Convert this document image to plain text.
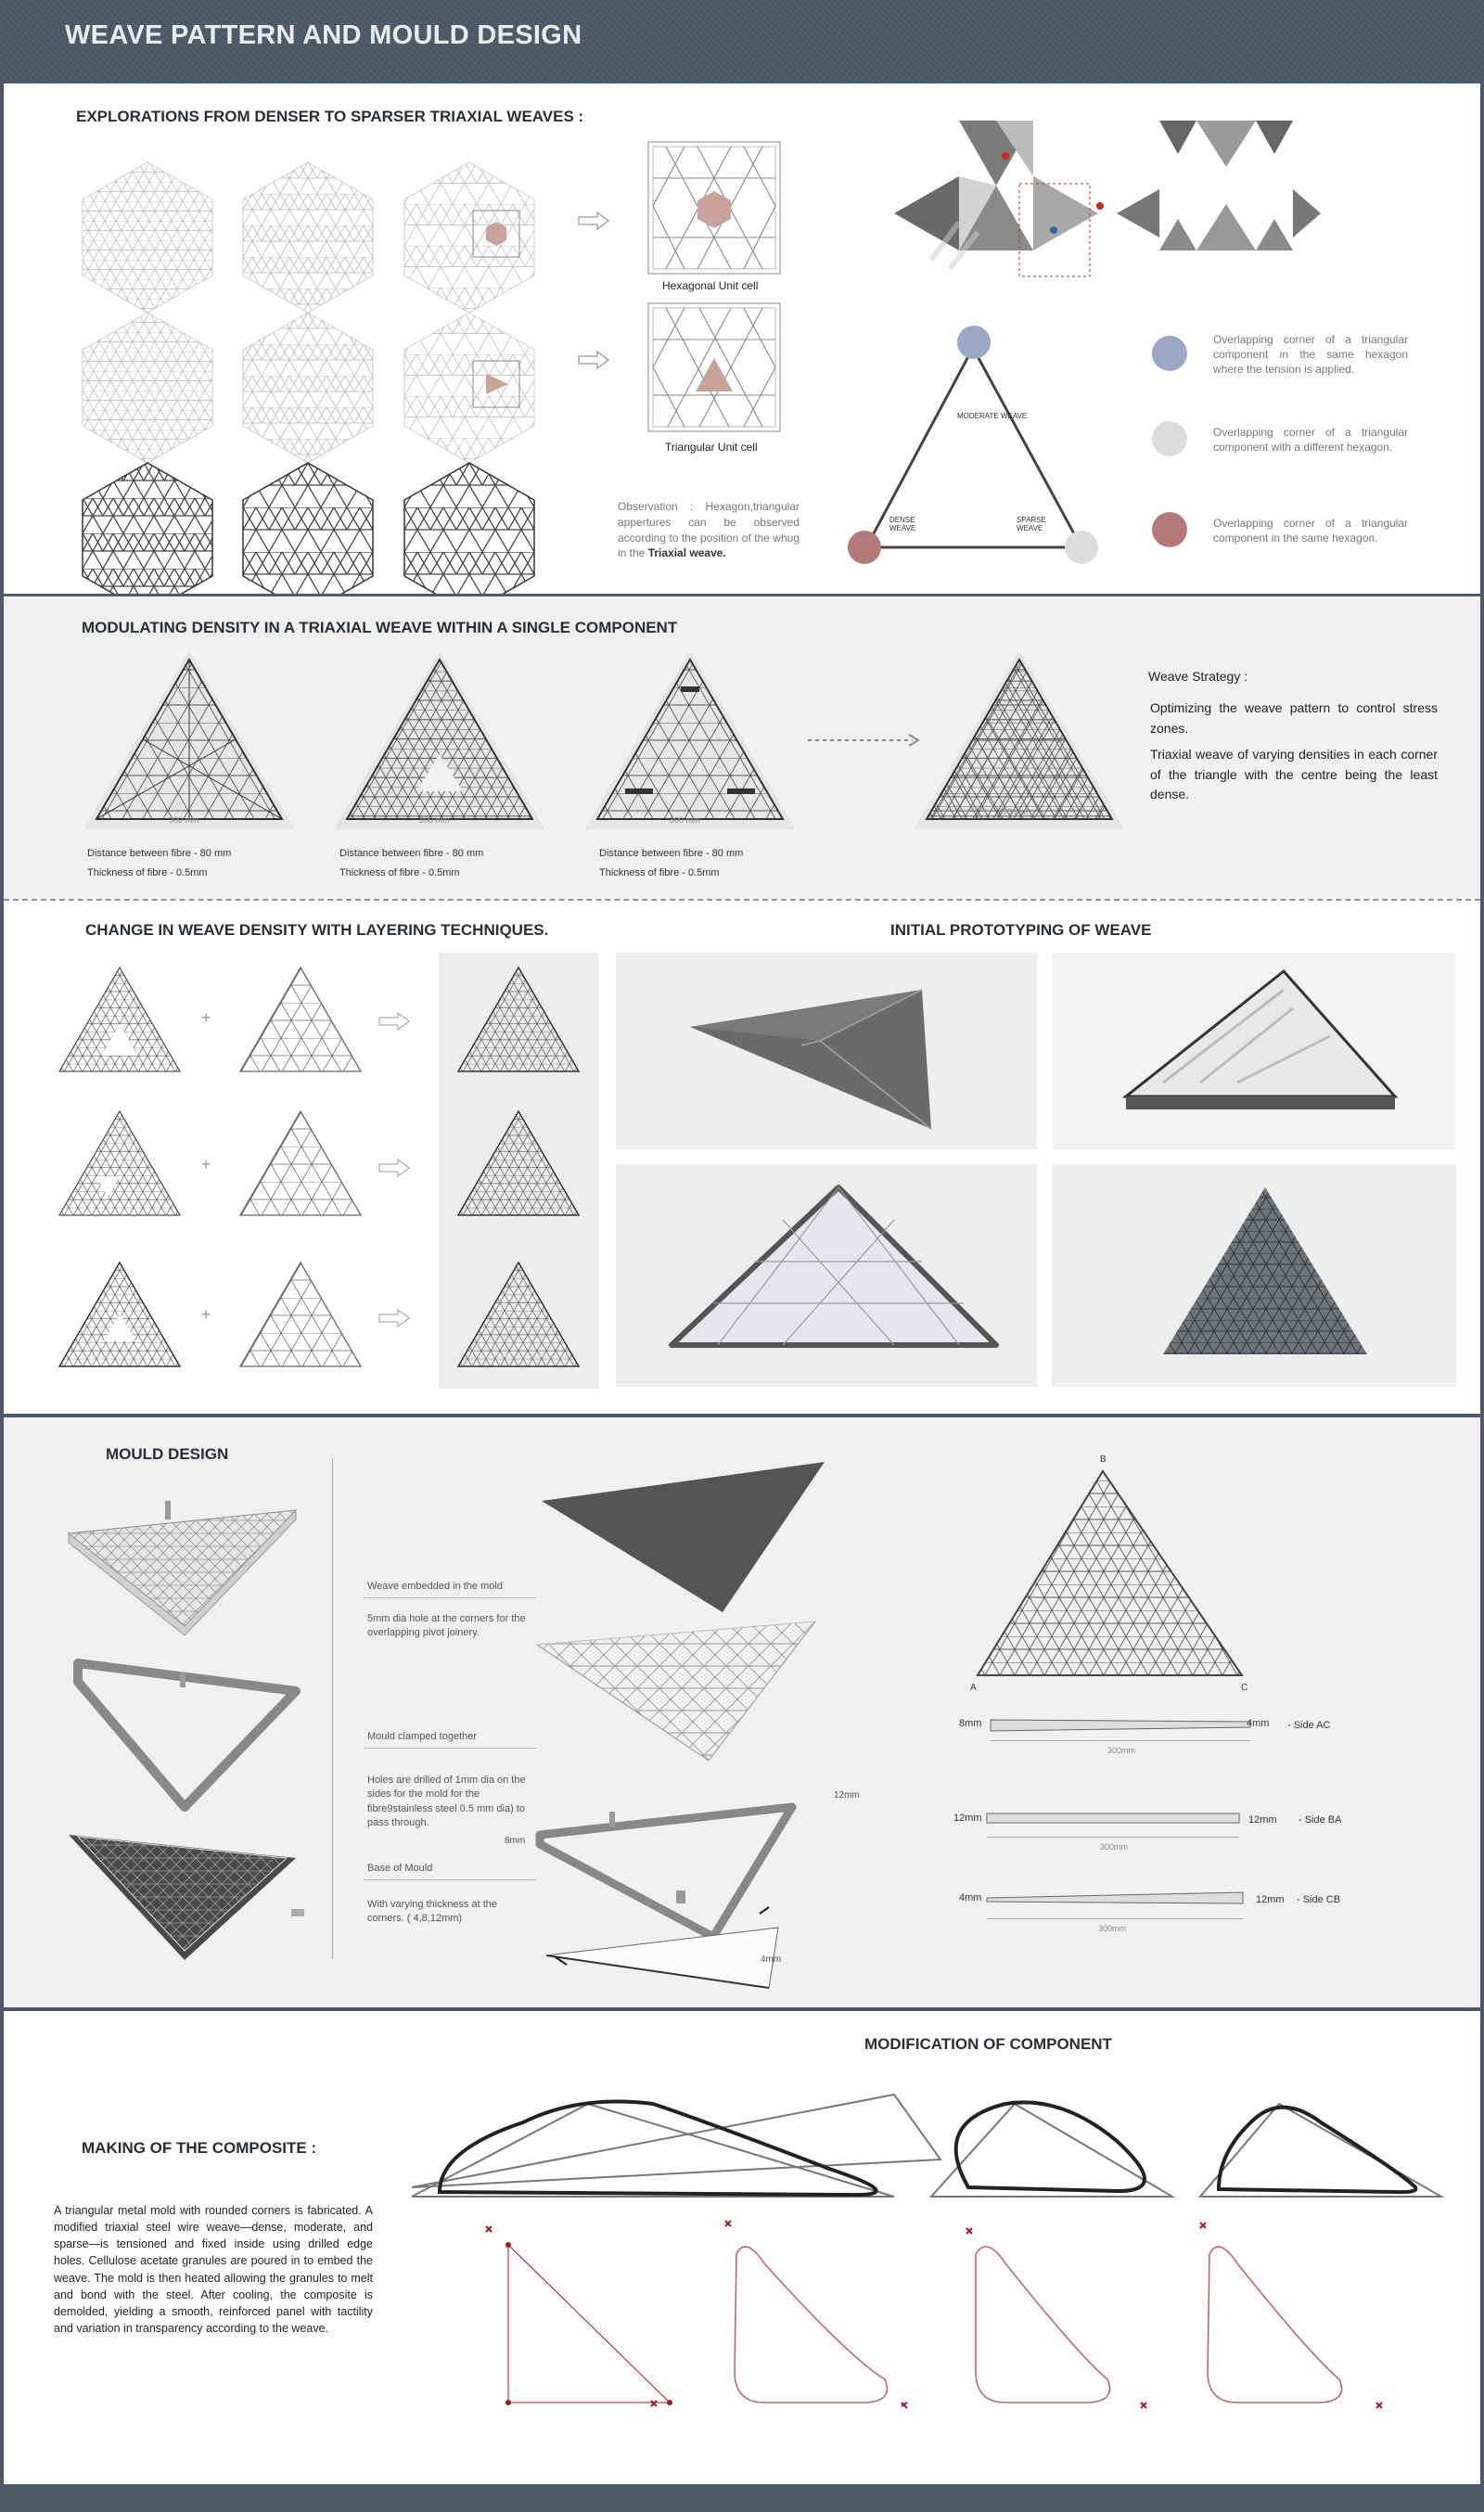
WEAVE PATTERN AND MOULD DESIGN
EXPLORATIONS FROM DENSER TO SPARSER TRIAXIAL WEAVES :
Hexagonal Unit cell
Triangular Unit cell
Observation : Hexagon,triangular appertures can be observed according to the position of the whug in the Triaxial weave.
MODERATE WEAVE
DENSE WEAVE
SPARSE WEAVE
Overlapping corner of a triangular component in the same hexagon where the tension is applied.
Overlapping corner of a triangular component with a different hexagon.
Overlapping corner of a triangular component in the same hexagon.
MODULATING DENSITY IN A TRIAXIAL WEAVE WITHIN A SINGLE COMPONENT
300 mm	300 mm	300 mm
300 mm
Distance between fibre - 80 mm
Thickness of fibre - 0.5mm
Distance between fibre - 80 mm
Thickness of fibre - 0.5mm
Distance between fibre - 80 mm
Thickness of fibre - 0.5mm
Weave Strategy :
Optimizing the weave pattern to control stress zones.
Triaxial weave of varying densities in each corner of the triangle with the centre being the least dense.
CHANGE IN WEAVE DENSITY WITH LAYERING TECHNIQUES.	INITIAL PROTOTYPING OF WEAVE
+
+
+
MOULD DESIGN
Weave embedded in the mold
5mm dia hole at the corners for the overlapping pivot joinery.
Mould clamped together
Holes are drilled of 1mm dia on the sides for the mold for the fibre9stainless steel 0.5 mm dia) to pass through.
Base of Mould
With varying thickness at the corners. ( 4,8,12mm)
12mm
8mm
4mm
B
A	C
8mm	4mm - Side AC
300mm
12mm	12mm - Side BA
300mm
4mm	12mm - Side CB
300mm
MODIFICATION OF COMPONENT
MAKING OF THE COMPOSITE :
A triangular metal mold with rounded corners is fabricated. A modified triaxial steel wire weave—dense, moderate, and sparse—is tensioned and fixed inside using drilled edge holes. Cellulose acetate granules are poured in to embed the weave. The mold is then heated allowing the granules to melt and bond with the steel. After cooling, the composite is demolded, yielding a smooth, reinforced panel with tactility and variation in transparency according to the weave.
